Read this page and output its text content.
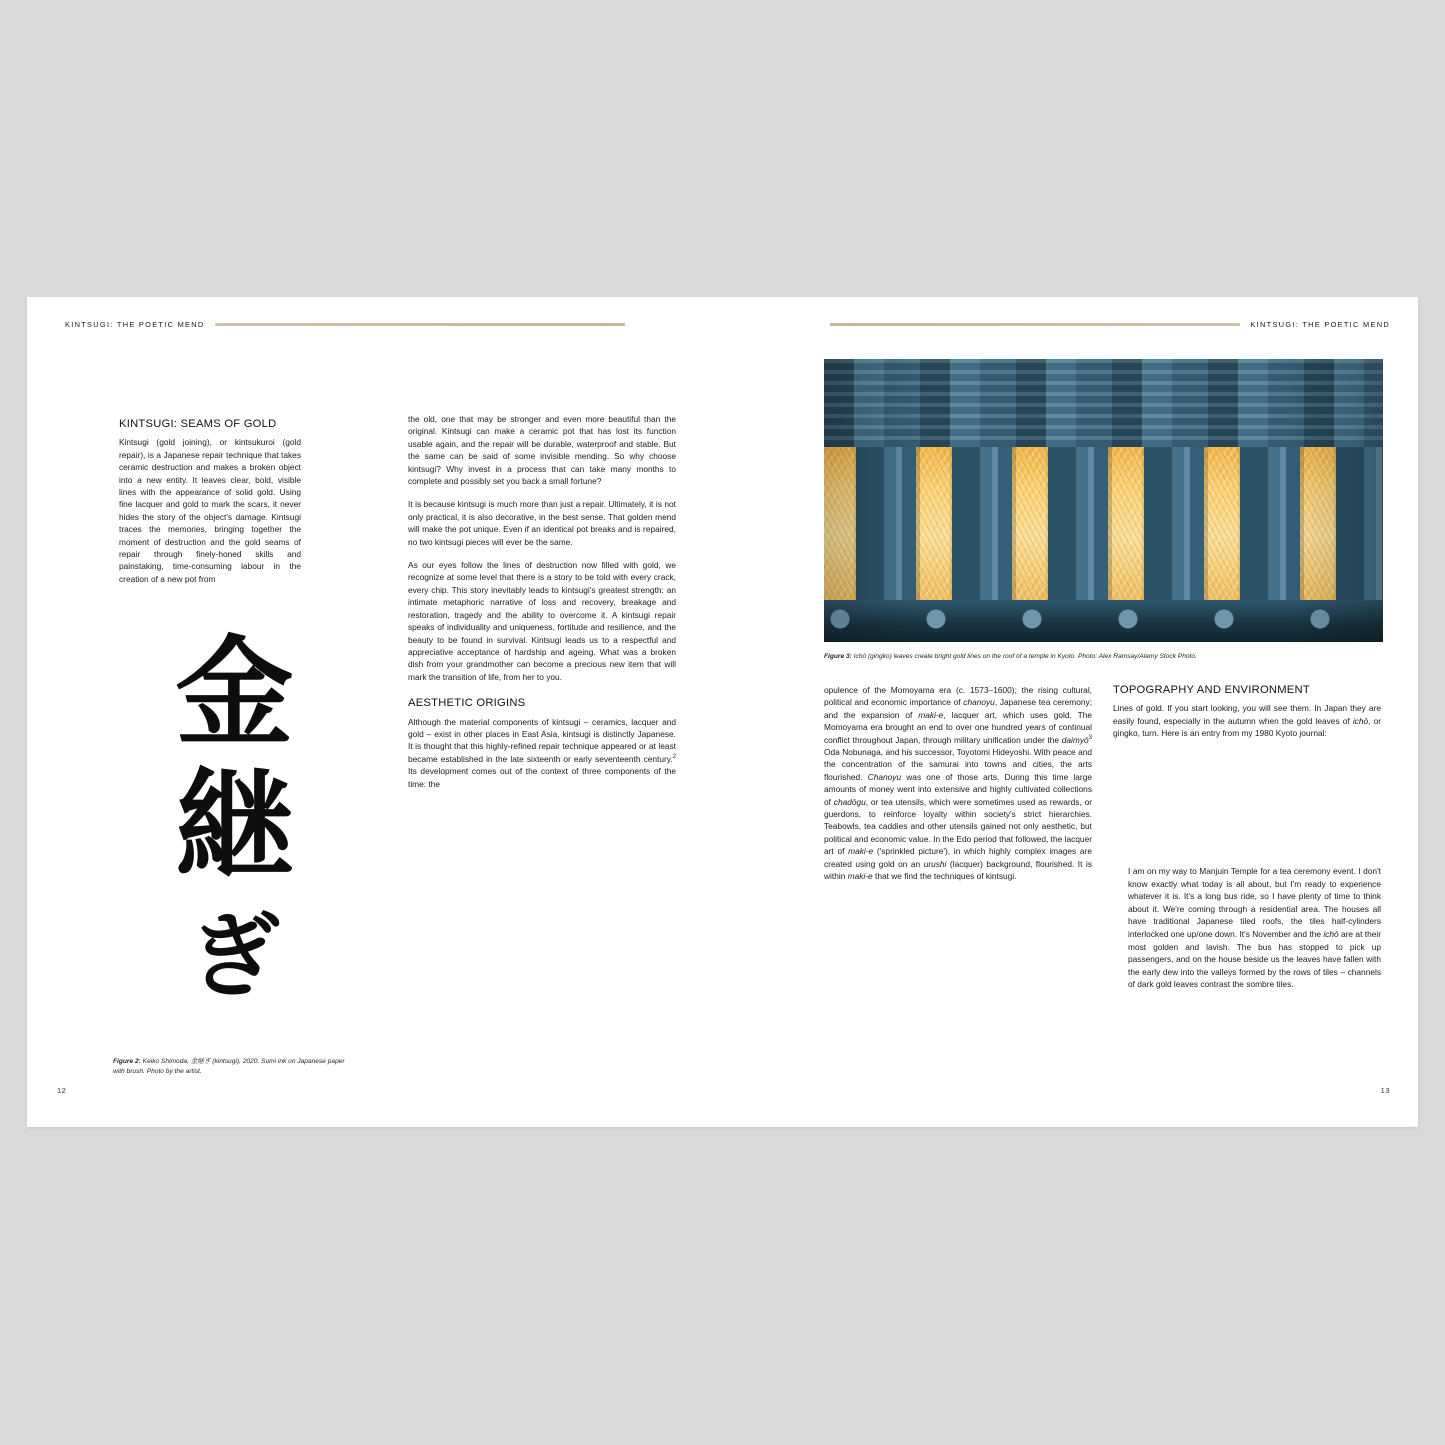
KINTSUGI: THE POETIC MEND
KINTSUGI: SEAMS OF GOLD

Kintsugi (gold joining), or kintsukuroi (gold repair), is a Japanese repair technique that takes ceramic destruction and makes a broken object into a new entity. It leaves clear, bold, visible lines with the appearance of solid gold. Using fine lacquer and gold to mark the scars, it never hides the story of the object's damage. Kintsugi traces the memories, bringing together the moment of destruction and the gold seams of repair through finely-honed skills and painstaking, time-consuming labour in the creation of a new pot from

金
継
ぎ
Figure 2: Keiko Shimoda, 金継ぎ (kintsugi), 2020. Sumi ink on Japanese paper with brush. Photo by the artist.

the old, one that may be stronger and even more beautiful than the original. Kintsugi can make a ceramic pot that has lost its function usable again, and the repair will be durable, waterproof and stable. But the same can be said of some invisible mending. So why choose kintsugi? Why invest in a process that can take many months to complete and possibly set you back a small fortune?

It is because kintsugi is much more than just a repair. Ultimately, it is not only practical, it is also decorative, in the best sense. That golden mend will make the pot unique. Even if an identical pot breaks and is repaired, no two kintsugi pieces will ever be the same.

As our eyes follow the lines of destruction now filled with gold, we recognize at some level that there is a story to be told with every crack, every chip. This story inevitably leads to kintsugi's greatest strength: an intimate metaphoric narrative of loss and recovery, breakage and restoration, tragedy and the ability to overcome it. A kintsugi repair speaks of individuality and uniqueness, fortitude and resilience, and the beauty to be found in survival. Kintsugi leads us to a respectful and appreciative acceptance of hardship and ageing. What was a broken dish from your grandmother can become a precious new item that will mark the transition of life, from her to you.

AESTHETIC ORIGINS

Although the material components of kintsugi – ceramics, lacquer and gold – exist in other places in East Asia, kintsugi is distinctly Japanese. It is thought that this highly-refined repair technique appeared or at least became established in the late sixteenth or early seventeenth century.$^2$ Its development comes out of the context of three components of the time: the

12
KINTSUGI: THE POETIC MEND
Figure 3: Ichō (gingko) leaves create bright gold lines on the roof of a temple in Kyoto. Photo: Alex Ramsay/Alamy Stock Photo.

opulence of the Momoyama era (c. 1573–1600); the rising cultural, political and economic importance of chanoyu, Japanese tea ceremony; and the expansion of maki-e, lacquer art, which uses gold. The Momoyama era brought an end to over one hundred years of continual conflict throughout Japan, through military unification under the daimyō$^3$ Oda Nobunaga, and his successor, Toyotomi Hideyoshi. With peace and the concentration of the samurai into towns and cities, the arts flourished. Chanoyu was one of those arts. During this time large amounts of money went into extensive and highly cultivated collections of chadōgu, or tea utensils, which were sometimes used as rewards, or guerdons, to reinforce loyalty within society's strict hierarchies. Teabowls, tea caddies and other utensils gained not only aesthetic, but political and economic value. In the Edo period that followed, the lacquer art of maki-e ('sprinkled picture'), in which highly complex images are created using gold on an urushi (lacquer) background, flourished. It is within maki-e that we find the techniques of kintsugi.

TOPOGRAPHY AND ENVIRONMENT

Lines of gold. If you start looking, you will see them. In Japan they are easily found, especially in the autumn when the gold leaves of ichō, or gingko, turn. Here is an entry from my 1980 Kyoto journal:

I am on my way to Manjuin Temple for a tea ceremony event. I don't know exactly what today is all about, but I'm ready to experience whatever it is. It's a long bus ride, so I have plenty of time to think about it. We're coming through a residential area. The houses all have traditional Japanese tiled roofs, the tiles half-cylinders interlocked one up/one down. It's November and the ichō are at their most golden and lavish. The bus has stopped to pick up passengers, and on the house beside us the leaves have fallen with the early dew into the valleys formed by the rows of tiles – channels of dark gold leaves contrast the sombre tiles.
13
